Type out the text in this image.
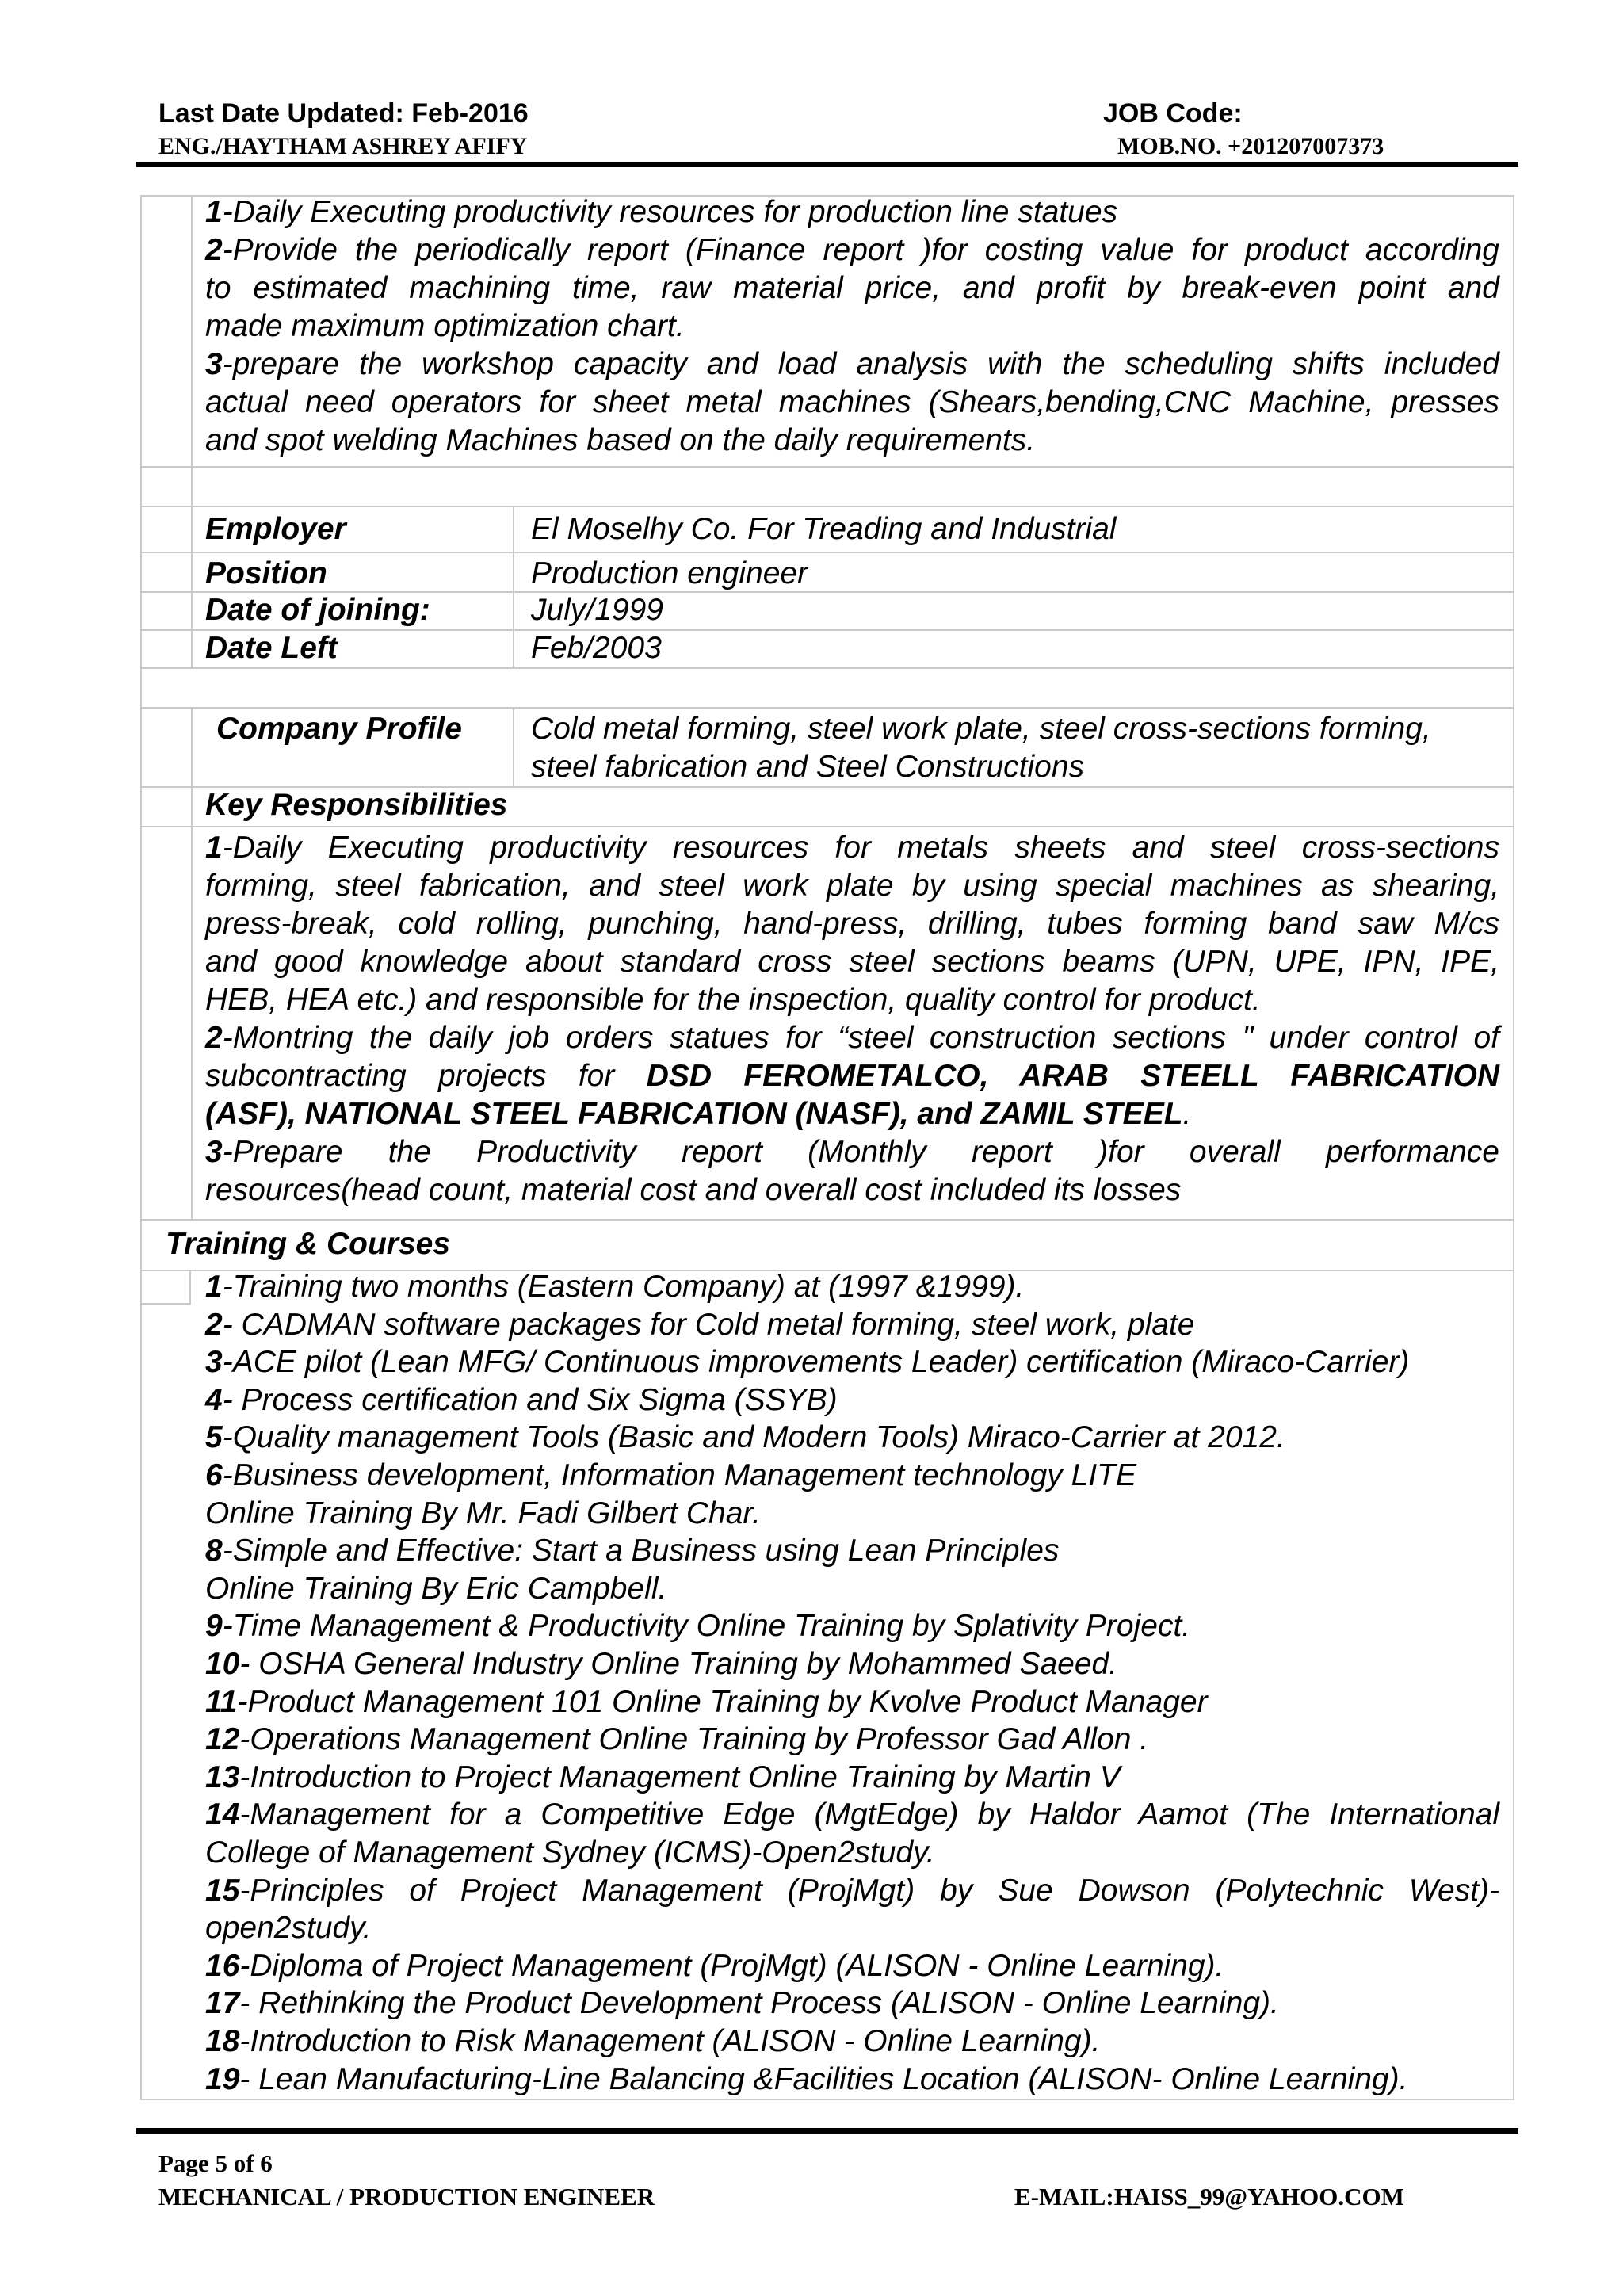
Last Date Updated: Feb-2016	JOB Code:
ENG./HAYTHAM ASHREY AFIFY	MOB.NO. +201207007373
1-Daily Executing productivity resources for production line statues
2-Provide the periodically report (Finance report )for costing value for product according
to estimated machining time, raw material price, and profit by break-even point and
made maximum optimization chart.
3-prepare the workshop capacity and load analysis with the scheduling shifts included
actual need operators for sheet metal machines (Shears,bending,CNC Machine, presses
and spot welding Machines based on the daily requirements.
Employer	El Moselhy Co. For Treading and Industrial
Position	Production engineer
Date of joining:	July/1999
Date Left	Feb/2003
Company Profile Cold metal forming, steel work plate, steel cross-sections forming,
steel fabrication and Steel Constructions
Key Responsibilities
1-Daily Executing productivity resources for metals sheets and steel cross-sections
forming, steel fabrication, and steel work plate by using special machines as shearing,
press-break, cold rolling, punching, hand-press, drilling, tubes forming band saw M/cs
and good knowledge about standard cross steel sections beams (UPN, UPE, IPN, IPE,
HEB, HEA etc.) and responsible for the inspection, quality control for product.
2-Montring the daily job orders statues for “steel construction sections " under control of
subcontracting projects for DSD FEROMETALCO, ARAB STEELL FABRICATION
(ASF), NATIONAL STEEL FABRICATION (NASF), and ZAMIL STEEL.
3-Prepare the Productivity report (Monthly report )for overall performance
resources(head count, material cost and overall cost included its losses
Training & Courses
1-Training two months (Eastern Company) at (1997 &1999).
2- CADMAN software packages for Cold metal forming, steel work, plate
3-ACE pilot (Lean MFG/ Continuous improvements Leader) certification (Miraco-Carrier)
4- Process certification and Six Sigma (SSYB)
5-Quality management Tools (Basic and Modern Tools) Miraco-Carrier at 2012.
6-Business development, Information Management technology LITE
Online Training By Mr. Fadi Gilbert Char.
8-Simple and Effective: Start a Business using Lean Principles
Online Training By Eric Campbell.
9-Time Management & Productivity Online Training by Splativity Project.
10- OSHA General Industry Online Training by Mohammed Saeed.
11-Product Management 101 Online Training by Kvolve Product Manager
12-Operations Management Online Training by Professor Gad Allon .
13-Introduction to Project Management Online Training by Martin V
14-Management for a Competitive Edge (MgtEdge) by Haldor Aamot (The International
College of Management Sydney (ICMS)-Open2study.
15-Principles of Project Management (ProjMgt) by Sue Dowson (Polytechnic West)-
open2study.
16-Diploma of Project Management (ProjMgt) (ALISON - Online Learning).
17- Rethinking the Product Development Process (ALISON - Online Learning).
18-Introduction to Risk Management (ALISON - Online Learning).
19- Lean Manufacturing-Line Balancing &Facilities Location (ALISON- Online Learning).
Page 5 of 6
MECHANICAL / PRODUCTION ENGINEER	E-MAIL:HAISS_99@YAHOO.COM
